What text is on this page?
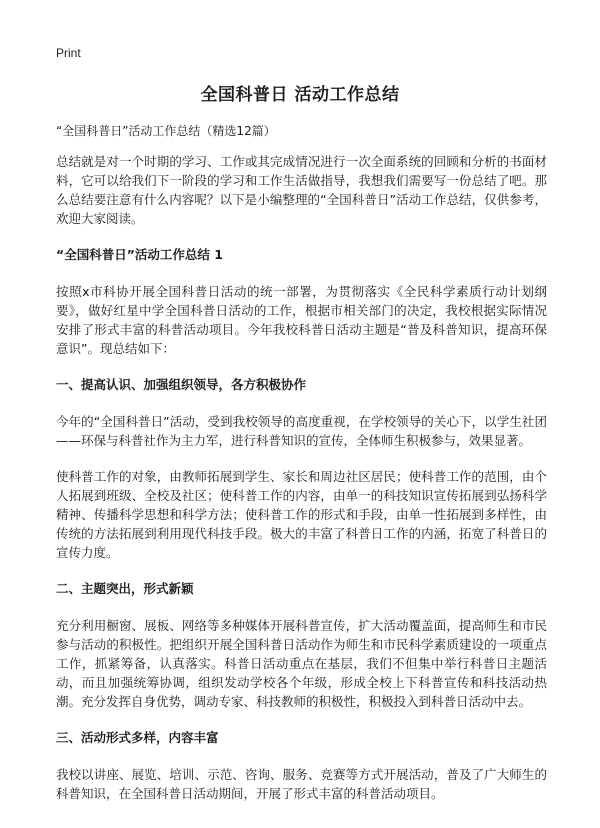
Print
全国科普日 活动工作总结
“全国科普日”活动工作总结（精选12篇）

总结就是对一个时期的学习、工作或其完成情况进行一次全面系统的回顾和分析的书面材料，它可以给我们下一阶段的学习和工作生活做指导，我想我们需要写一份总结了吧。那么总结要注意有什么内容呢？以下是小编整理的“全国科普日”活动工作总结，仅供参考，欢迎大家阅读。

“全国科普日”活动工作总结 1

按照x市科协开展全国科普日活动的统一部署，为贯彻落实《全民科学素质行动计划纲要》，做好红星中学全国科普日活动的工作，根据市相关部门的决定，我校根据实际情况安排了形式丰富的科普活动项目。今年我校科普日活动主题是“普及科普知识，提高环保意识”。现总结如下：

一、提高认识、加强组织领导，各方积极协作

今年的“全国科普日”活动，受到我校领导的高度重视，在学校领导的关心下，以学生社团——环保与科普社作为主力军，进行科普知识的宣传，全体师生积极参与，效果显著。

使科普工作的对象，由教师拓展到学生、家长和周边社区居民；使科普工作的范围，由个人拓展到班级、全校及社区；使科普工作的内容，由单一的科技知识宣传拓展到弘扬科学精神、传播科学思想和科学方法；使科普工作的形式和手段，由单一性拓展到多样性，由传统的方法拓展到利用现代科技手段。极大的丰富了科普日工作的内涵，拓宽了科普日的宣传力度。

二、主题突出，形式新颖

充分利用橱窗、展板、网络等多种媒体开展科普宣传，扩大活动覆盖面，提高师生和市民参与活动的积极性。把组织开展全国科普日活动作为师生和市民科学素质建设的一项重点工作，抓紧筹备，认真落实。科普日活动重点在基层，我们不但集中举行科普日主题活动，而且加强统筹协调，组织发动学校各个年级，形成全校上下科普宣传和科技活动热潮。充分发挥自身优势，调动专家、科技教师的积极性，积极投入到科普日活动中去。

三、活动形式多样，内容丰富

我校以讲座、展览、培训、示范、咨询、服务、竞赛等方式开展活动，普及了广大师生的科普知识，在全国科普日活动期间，开展了形式丰富的科普活动项目。
